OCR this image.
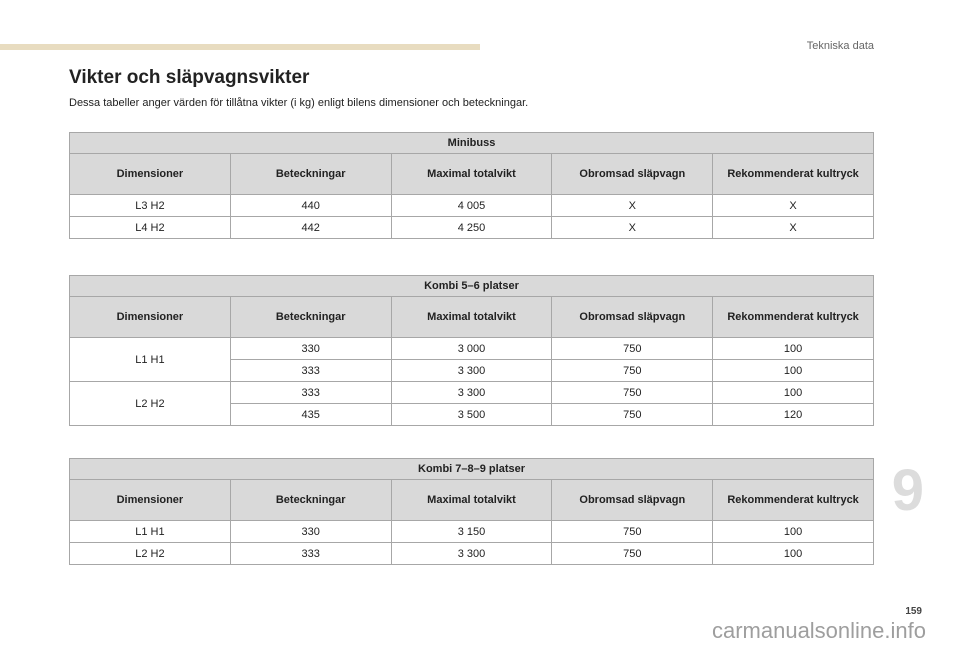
Tekniska data
Vikter och släpvagnsvikter

Dessa tabeller anger värden för tillåtna vikter (i kg) enligt bilens dimensioner och beteckningar.

Minibuss				
Dimensioner	Beteckningar	Maximal totalvikt	Obromsad släpvagn	Rekommenderat kultryck
L3 H2	440	4 005	X	X
L4 H2	442	4 250	X	X
Kombi 5–6 platser				
Dimensioner	Beteckningar	Maximal totalvikt	Obromsad släpvagn	Rekommenderat kultryck
L1 H1	330	3 000	750	100
	333	3 300	750	100
L2 H2	333	3 300	750	100
	435	3 500	750	120
Kombi 7–8–9 platser				
Dimensioner	Beteckningar	Maximal totalvikt	Obromsad släpvagn	Rekommenderat kultryck
L1 H1	330	3 150	750	100
L2 H2	333	3 300	750	100
9
159
carmanualsonline.info
